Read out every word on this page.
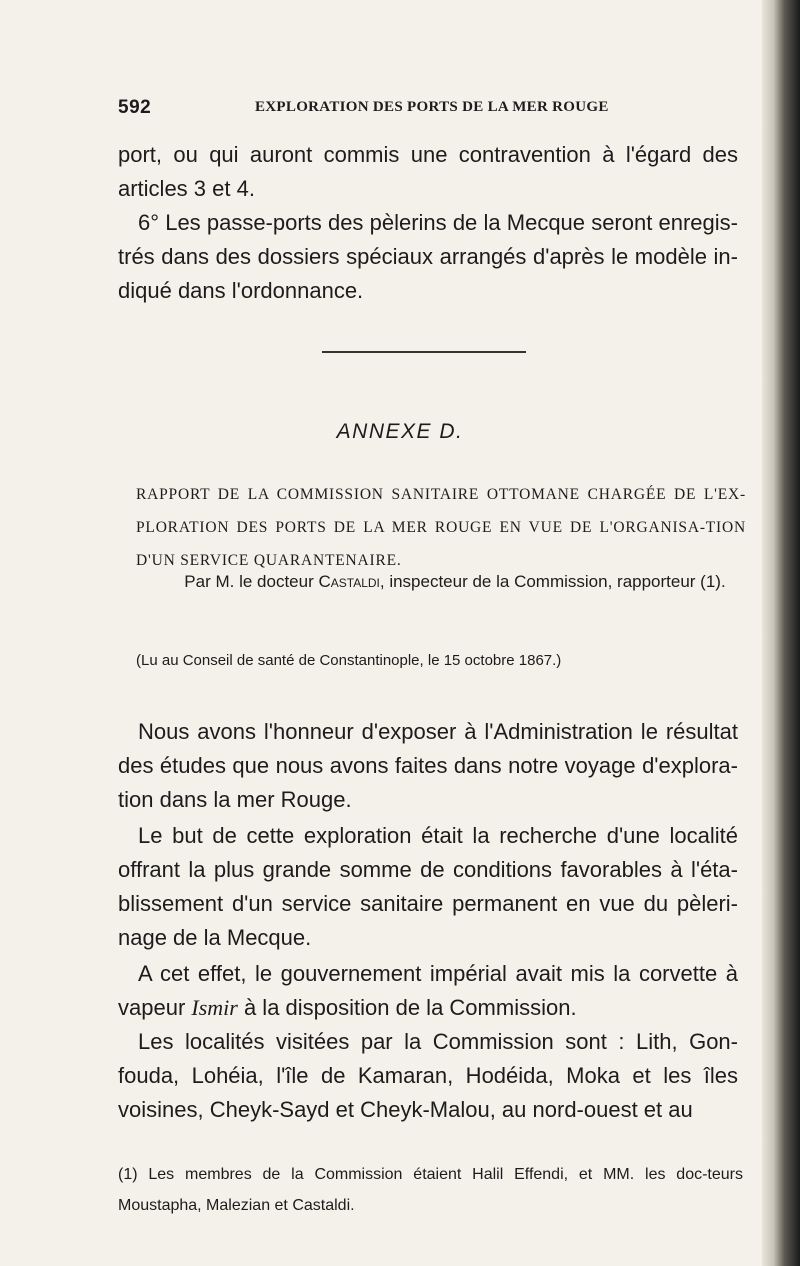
592	EXPLORATION DES PORTS DE LA MER ROUGE

port, ou qui auront commis une contravention à l'égard des articles 3 et 4.

6° Les passe-ports des pèlerins de la Mecque seront enregis-trés dans des dossiers spéciaux arrangés d'après le modèle in-diqué dans l'ordonnance.

ANNEXE D.

RAPPORT DE LA COMMISSION SANITAIRE OTTOMANE CHARGÉE DE L'EX-PLORATION DES PORTS DE LA MER ROUGE EN VUE DE L'ORGANISA-TION D'UN SERVICE QUARANTENAIRE.

Par M. le docteur Castaldi, inspecteur de la Commission, rapporteur (1).

(Lu au Conseil de santé de Constantinople, le 15 octobre 1867.)

Nous avons l'honneur d'exposer à l'Administration le résultat des études que nous avons faites dans notre voyage d'explora-tion dans la mer Rouge.

Le but de cette exploration était la recherche d'une localité offrant la plus grande somme de conditions favorables à l'éta-blissement d'un service sanitaire permanent en vue du pèleri-nage de la Mecque.

A cet effet, le gouvernement impérial avait mis la corvette à vapeur Ismir à la disposition de la Commission.

Les localités visitées par la Commission sont : Lith, Gon-fouda, Lohéia, l'île de Kamaran, Hodéida, Moka et les îles voisines, Cheyk-Sayd et Cheyk-Malou, au nord-ouest et au

(1) Les membres de la Commission étaient Halil Effendi, et MM. les doc-teurs Moustapha, Malezian et Castaldi.
